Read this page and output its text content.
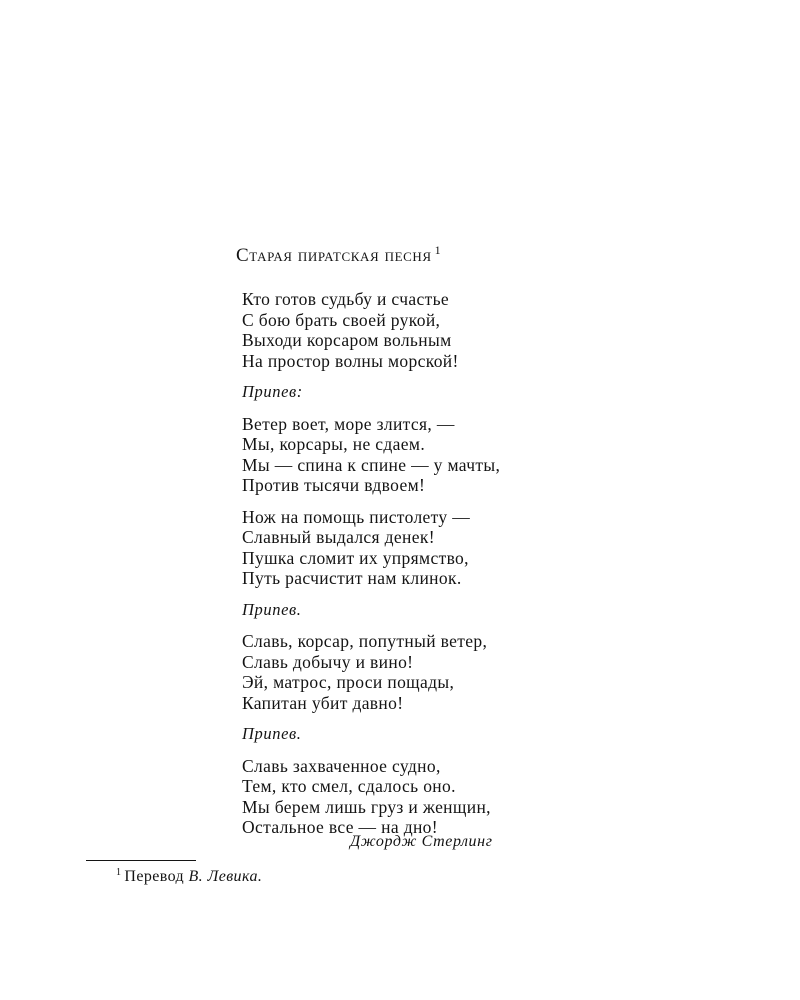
Старая пиратская песня $^1$
Кто готов судьбу и счастье
С бою брать своей рукой,
Выходи корсаром вольным
На простор волны морской!
Припев:
Ветер воет, море злится, —
Мы, корсары, не сдаем.
Мы — спина к спине — у мачты,
Против тысячи вдвоем!
Нож на помощь пистолету —
Славный выдался денек!
Пушка сломит их упрямство,
Путь расчистит нам клинок.
Припев.
Славь, корсар, попутный ветер,
Славь добычу и вино!
Эй, матрос, проси пощады,
Капитан убит давно!
Припев.
Славь захваченное судно,
Тем, кто смел, сдалось оно.
Мы берем лишь груз и женщин,
Остальное все — на дно!
Джордж Стерлинг
$^1$ Перевод В. Левика.
